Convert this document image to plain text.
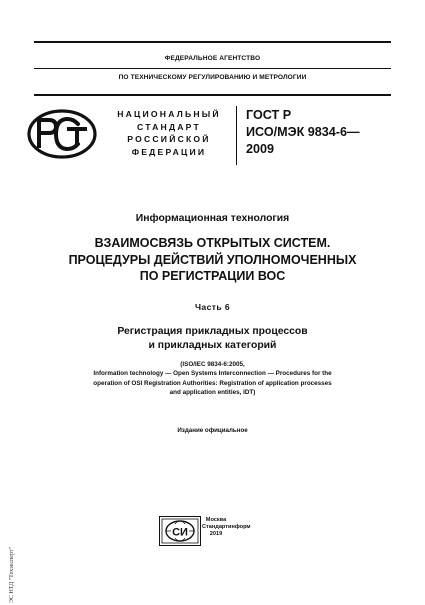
ФЕДЕРАЛЬНОЕ АГЕНТСТВО
ПО ТЕХНИЧЕСКОМУ РЕГУЛИРОВАНИЮ И МЕТРОЛОГИИ
НАЦИОНАЛЬНЫЙ
СТАНДАРТ
РОССИЙСКОЙ
ФЕДЕРАЦИИ
ГОСТ Р
ИСО/МЭК 9834-6—
2009
Информационная технология
ВЗАИМОСВЯЗЬ ОТКРЫТЫХ СИСТЕМ.
ПРОЦЕДУРЫ ДЕЙСТВИЙ УПОЛНОМОЧЕННЫХ
ПО РЕГИСТРАЦИИ ВОС
Часть 6
Регистрация прикладных процессов
и прикладных категорий
(ISO/IEC 9834-6:2005,
Information technology — Open Systems Interconnection — Procedures for the
operation of OSI Registration Authorities: Registration of application processes
and application entities, IDT)
Издание официальное
СИ
Москва
Стандартинформ
2019
ЭС НТД "Техэксперт"
